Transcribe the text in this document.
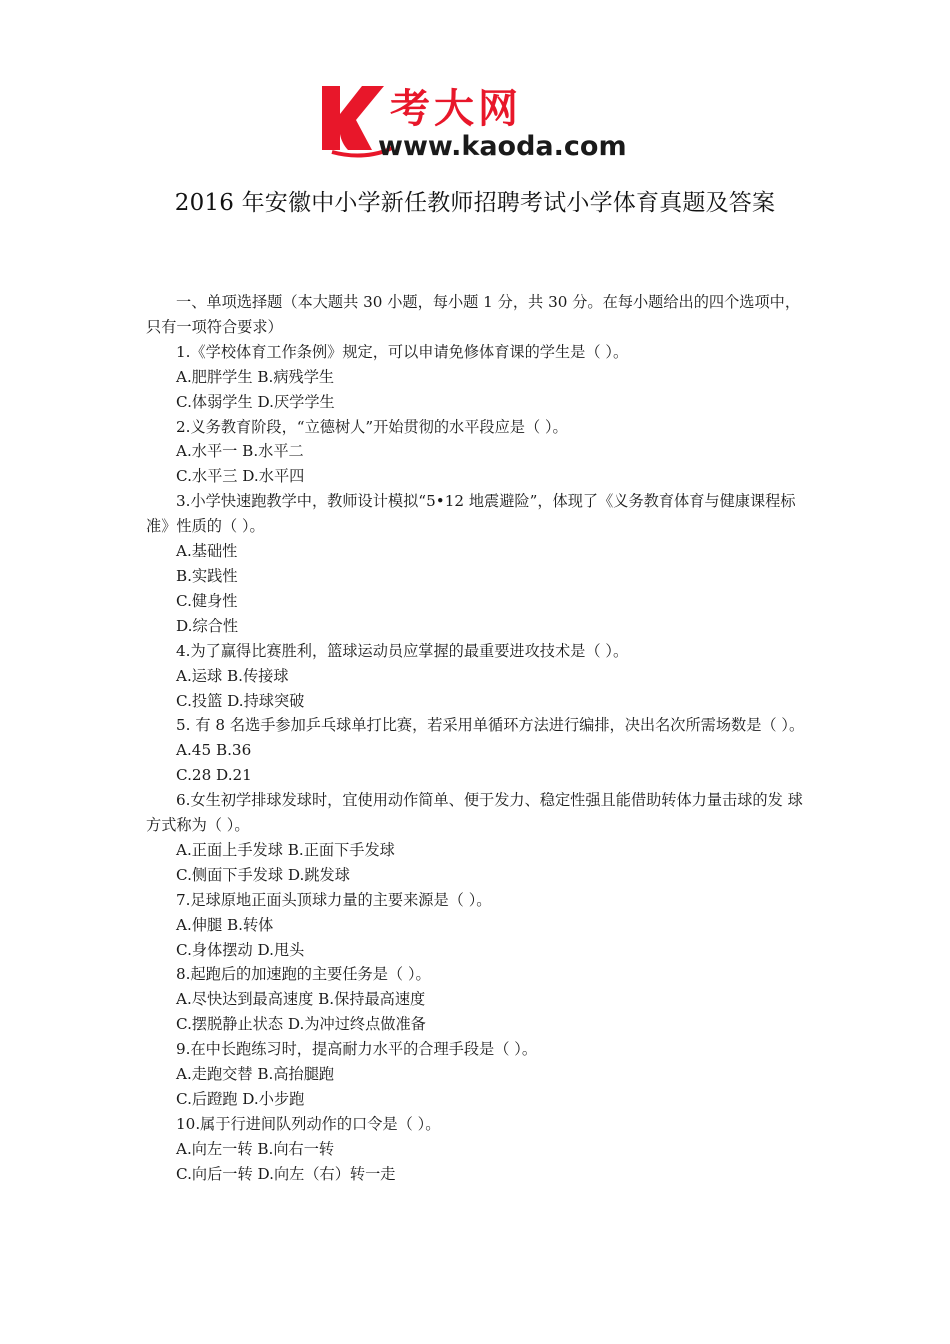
考大网
www.kaoda.com
2016 年安徽中小学新任教师招聘考试小学体育真题及答案
一、单项选择题（本大题共 30 小题，每小题 1 分，共 30 分。在每小题给出的四个选项中，只有一项符合要求）
1.《学校体育工作条例》规定，可以申请免修体育课的学生是（ ）。
A.肥胖学生 B.病残学生
C.体弱学生 D.厌学学生
2.义务教育阶段，“立德树人”开始贯彻的水平段应是（ ）。
A.水平一 B.水平二
C.水平三 D.水平四
3.小学快速跑教学中，教师设计模拟“5•12 地震避险”，体现了《义务教育体育与健康课程标准》性质的（ ）。
A.基础性
B.实践性
C.健身性
D.综合性
4.为了赢得比赛胜利，篮球运动员应掌握的最重要进攻技术是（ ）。
A.运球 B.传接球
C.投篮 D.持球突破
5. 有 8 名选手参加乒乓球单打比赛，若采用单循环方法进行编排，决出名次所需场数是（ ）。
A.45 B.36
C.28 D.21
6.女生初学排球发球时，宜使用动作简单、便于发力、稳定性强且能借助转体力量击球的发 球方式称为（ ）。
A.正面上手发球 B.正面下手发球
C.侧面下手发球 D.跳发球
7.足球原地正面头顶球力量的主要来源是（ ）。
A.伸腿 B.转体
C.身体摆动 D.甩头
8.起跑后的加速跑的主要任务是（ ）。
A.尽快达到最高速度 B.保持最高速度
C.摆脱静止状态 D.为冲过终点做准备
9.在中长跑练习时，提高耐力水平的合理手段是（ ）。
A.走跑交替 B.高抬腿跑
C.后蹬跑 D.小步跑
10.属于行进间队列动作的口令是（ ）。
A.向左一转 B.向右一转
C.向后一转 D.向左（右）转一走
